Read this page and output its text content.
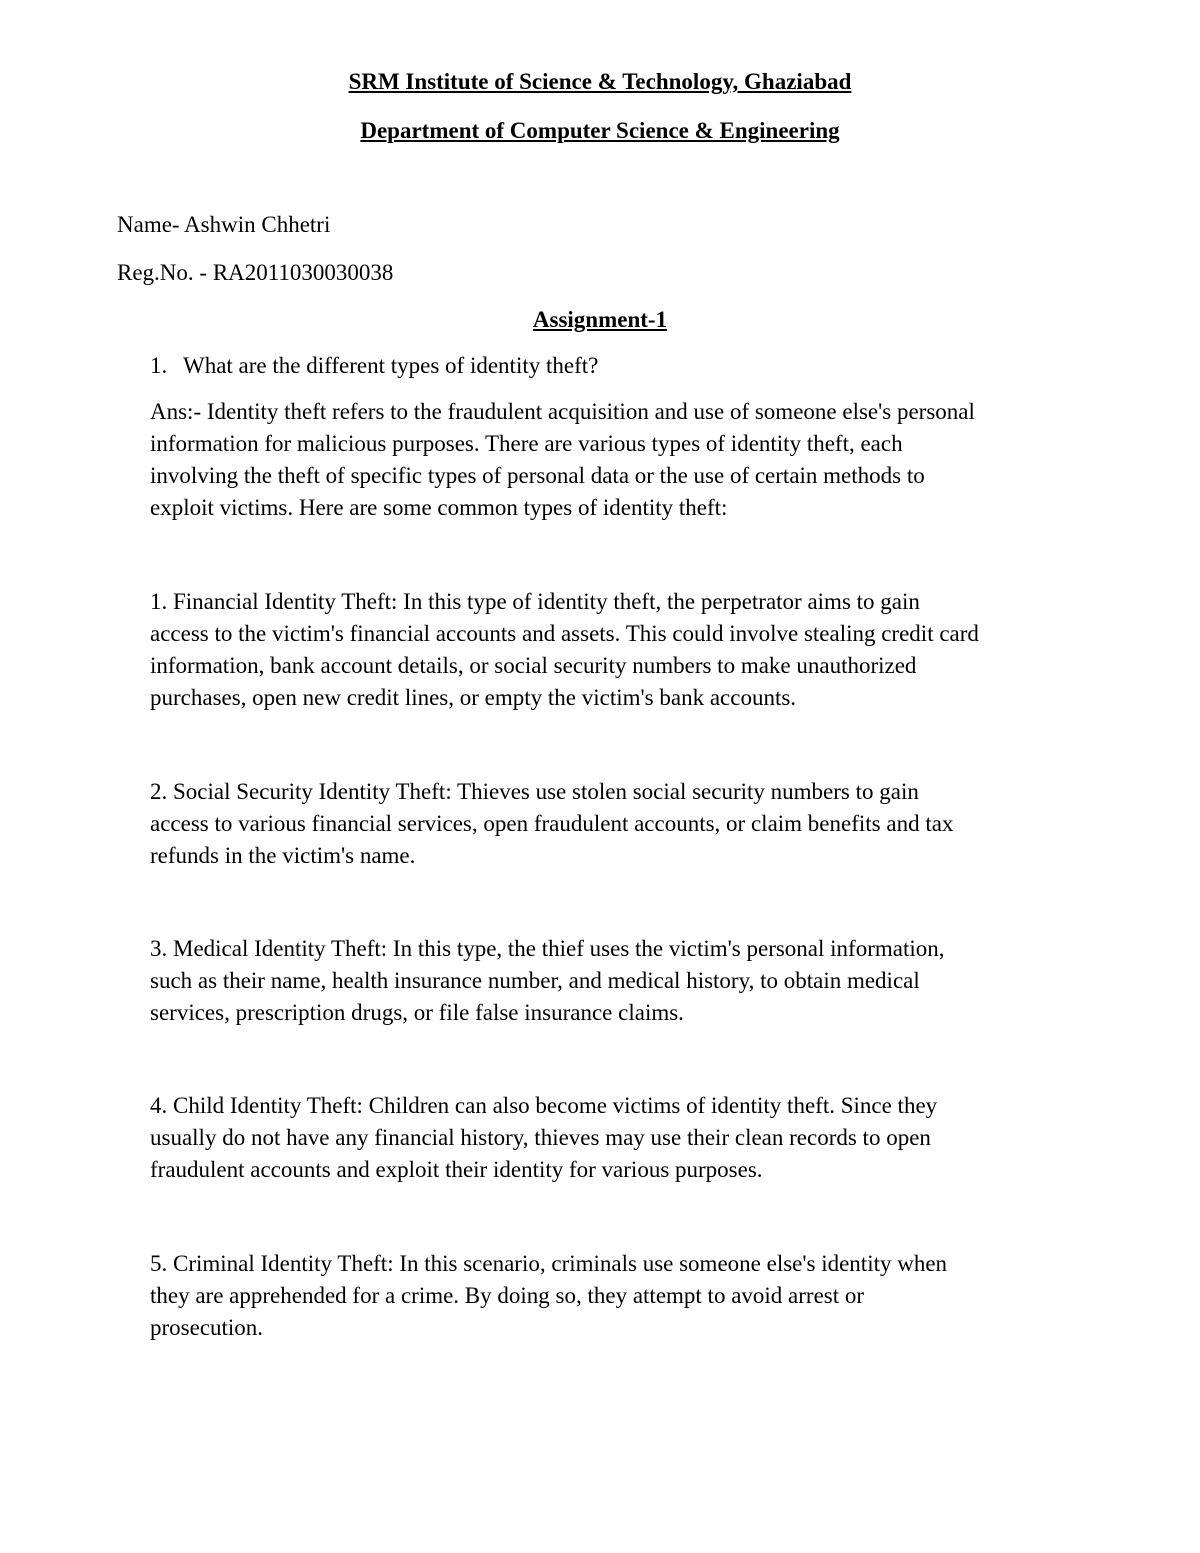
SRM Institute of Science & Technology, Ghaziabad
Department of Computer Science & Engineering
Name- Ashwin Chhetri
Reg.No. - RA2011030030038
Assignment-1
1. What are the different types of identity theft?

Ans:- Identity theft refers to the fraudulent acquisition and use of someone else's personal
information for malicious purposes. There are various types of identity theft, each
involving the theft of specific types of personal data or the use of certain methods to
exploit victims. Here are some common types of identity theft:

1. Financial Identity Theft: In this type of identity theft, the perpetrator aims to gain
access to the victim's financial accounts and assets. This could involve stealing credit card
information, bank account details, or social security numbers to make unauthorized
purchases, open new credit lines, or empty the victim's bank accounts.

2. Social Security Identity Theft: Thieves use stolen social security numbers to gain
access to various financial services, open fraudulent accounts, or claim benefits and tax
refunds in the victim's name.

3. Medical Identity Theft: In this type, the thief uses the victim's personal information,
such as their name, health insurance number, and medical history, to obtain medical
services, prescription drugs, or file false insurance claims.

4. Child Identity Theft: Children can also become victims of identity theft. Since they
usually do not have any financial history, thieves may use their clean records to open
fraudulent accounts and exploit their identity for various purposes.

5. Criminal Identity Theft: In this scenario, criminals use someone else's identity when
they are apprehended for a crime. By doing so, they attempt to avoid arrest or
prosecution.
